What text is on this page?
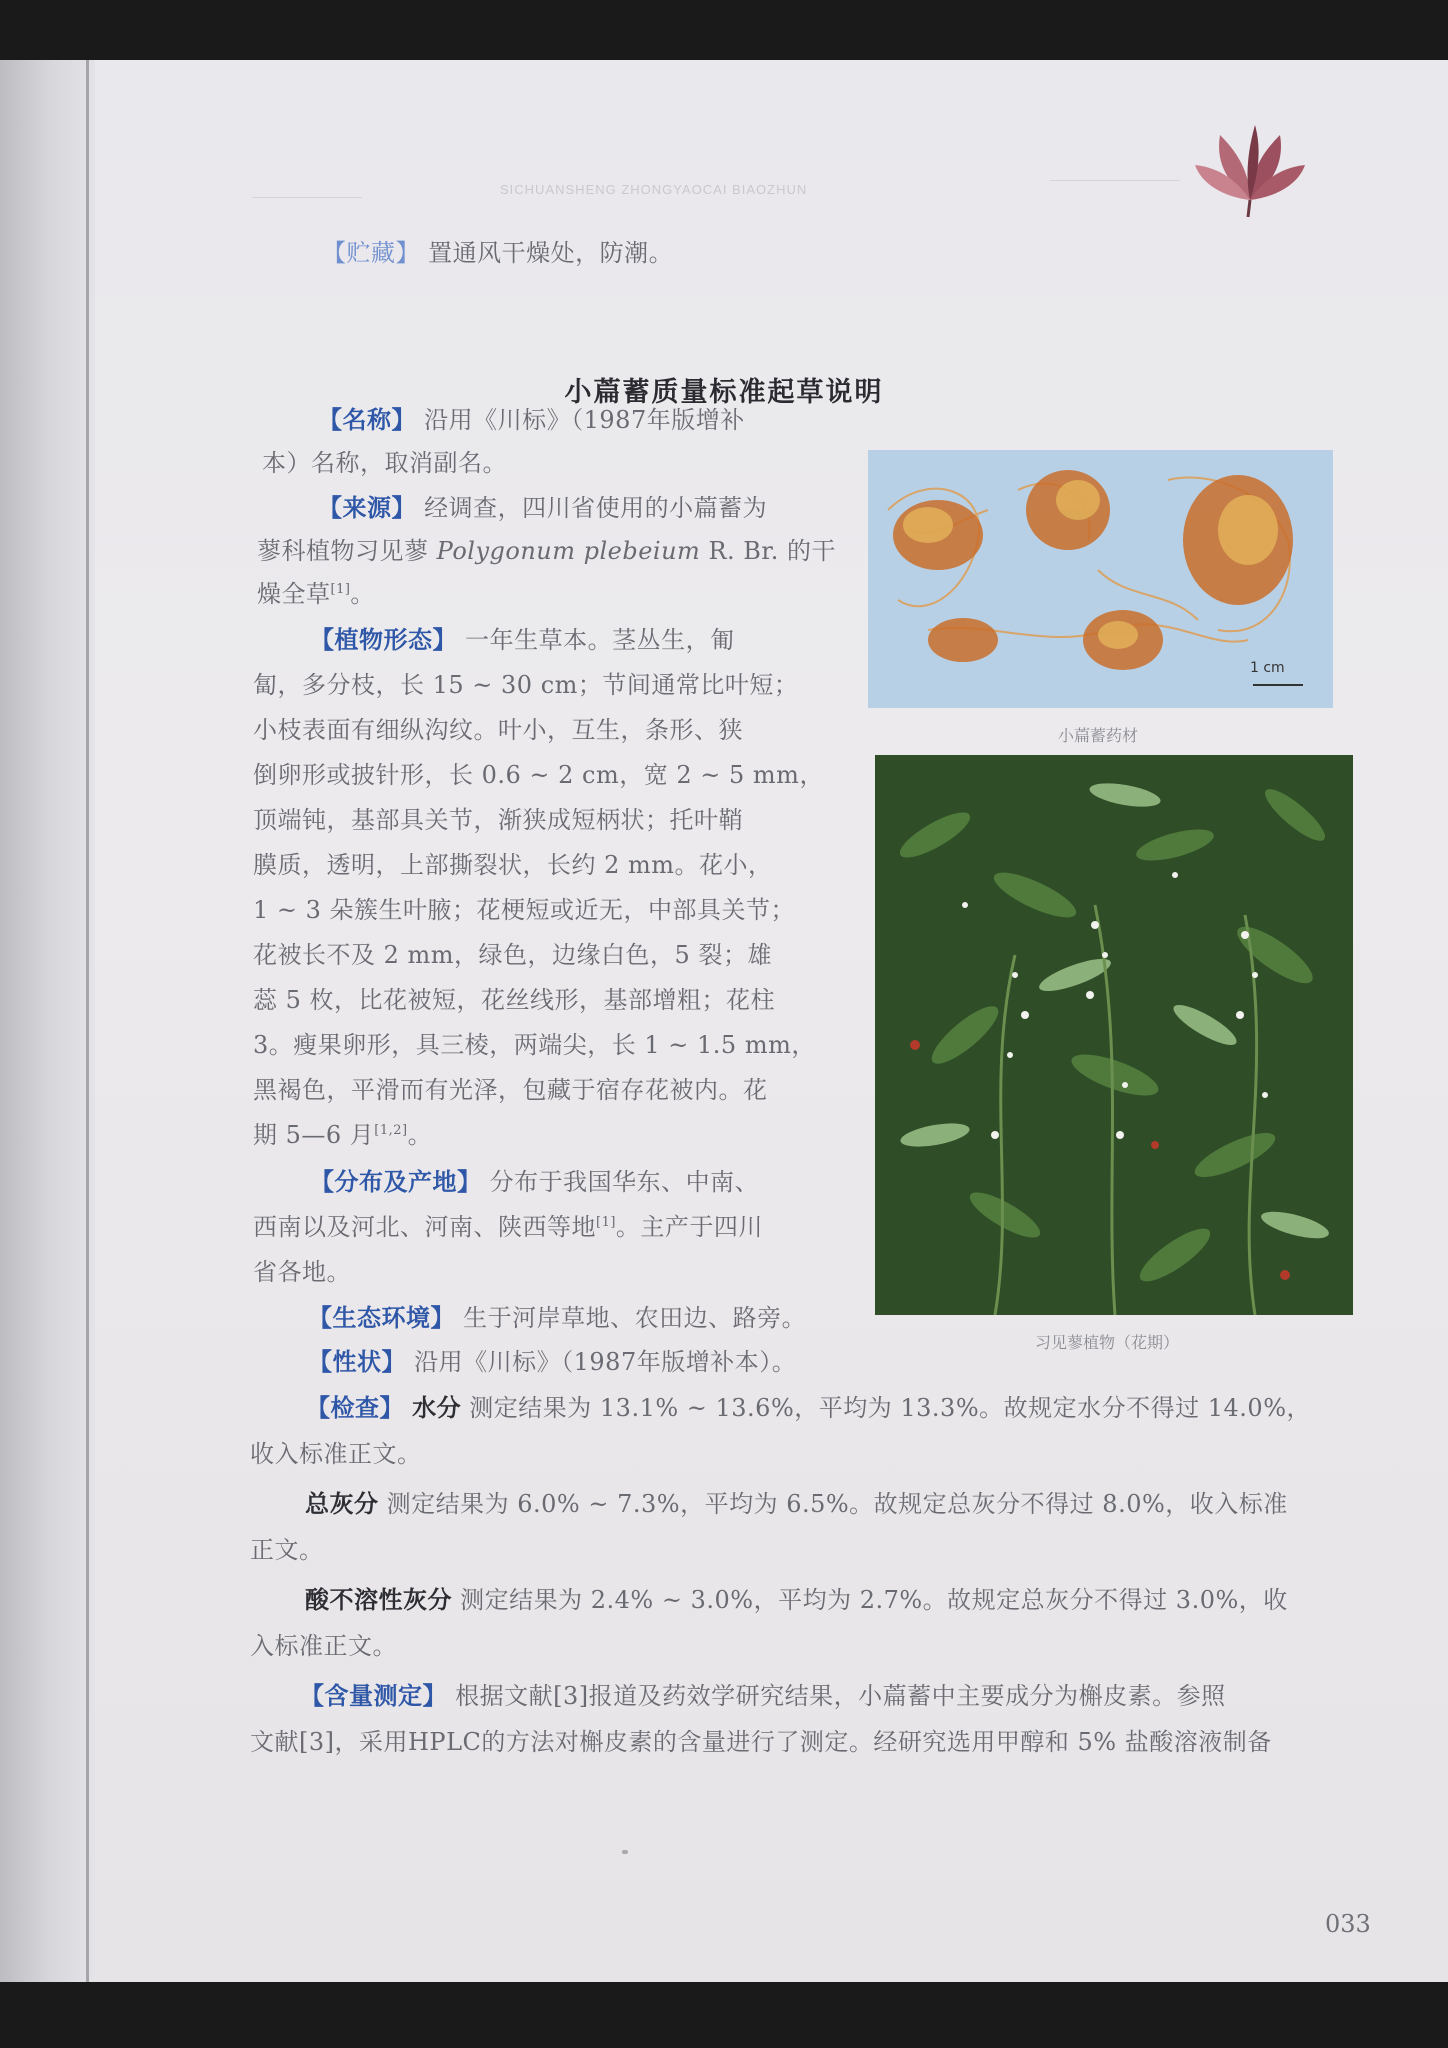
SICHUANSHENG ZHONGYAOCAI BIAOZHUN
【贮藏】 置通风干燥处，防潮。
小萹蓄质量标准起草说明
【名称】 沿用《川标》（1987年版增补
本）名称，取消副名。
【来源】 经调查，四川省使用的小萹蓄为
蓼科植物习见蓼 Polygonum plebeium R. Br. 的干
燥全草[1]。
【植物形态】 一年生草本。茎丛生，匍
匐，多分枝，长 15 ~ 30 cm；节间通常比叶短；
小枝表面有细纵沟纹。叶小，互生，条形、狭
倒卵形或披针形，长 0.6 ~ 2 cm，宽 2 ~ 5 mm，
顶端钝，基部具关节，渐狭成短柄状；托叶鞘
膜质，透明，上部撕裂状，长约 2 mm。花小，
1 ~ 3 朵簇生叶腋；花梗短或近无，中部具关节；
花被长不及 2 mm，绿色，边缘白色，5 裂；雄
蕊 5 枚，比花被短，花丝线形，基部增粗；花柱
3。瘦果卵形，具三棱，两端尖，长 1 ~ 1.5 mm，
黑褐色，平滑而有光泽，包藏于宿存花被内。花
期 5—6 月[1,2]。
【分布及产地】 分布于我国华东、中南、
西南以及河北、河南、陕西等地[1]。主产于四川
省各地。
【生态环境】 生于河岸草地、农田边、路旁。
【性状】 沿用《川标》（1987年版增补本）。
【检查】 水分 测定结果为 13.1% ~ 13.6%，平均为 13.3%。故规定水分不得过 14.0%，
收入标准正文。
总灰分 测定结果为 6.0% ~ 7.3%，平均为 6.5%。故规定总灰分不得过 8.0%，收入标准
正文。
酸不溶性灰分 测定结果为 2.4% ~ 3.0%，平均为 2.7%。故规定总灰分不得过 3.0%，收
入标准正文。
【含量测定】 根据文献[3]报道及药效学研究结果，小萹蓄中主要成分为槲皮素。参照
文献[3]，采用HPLC的方法对槲皮素的含量进行了测定。经研究选用甲醇和 5% 盐酸溶液制备
1 cm
小萹蓄药材
习见蓼植物（花期）
033
